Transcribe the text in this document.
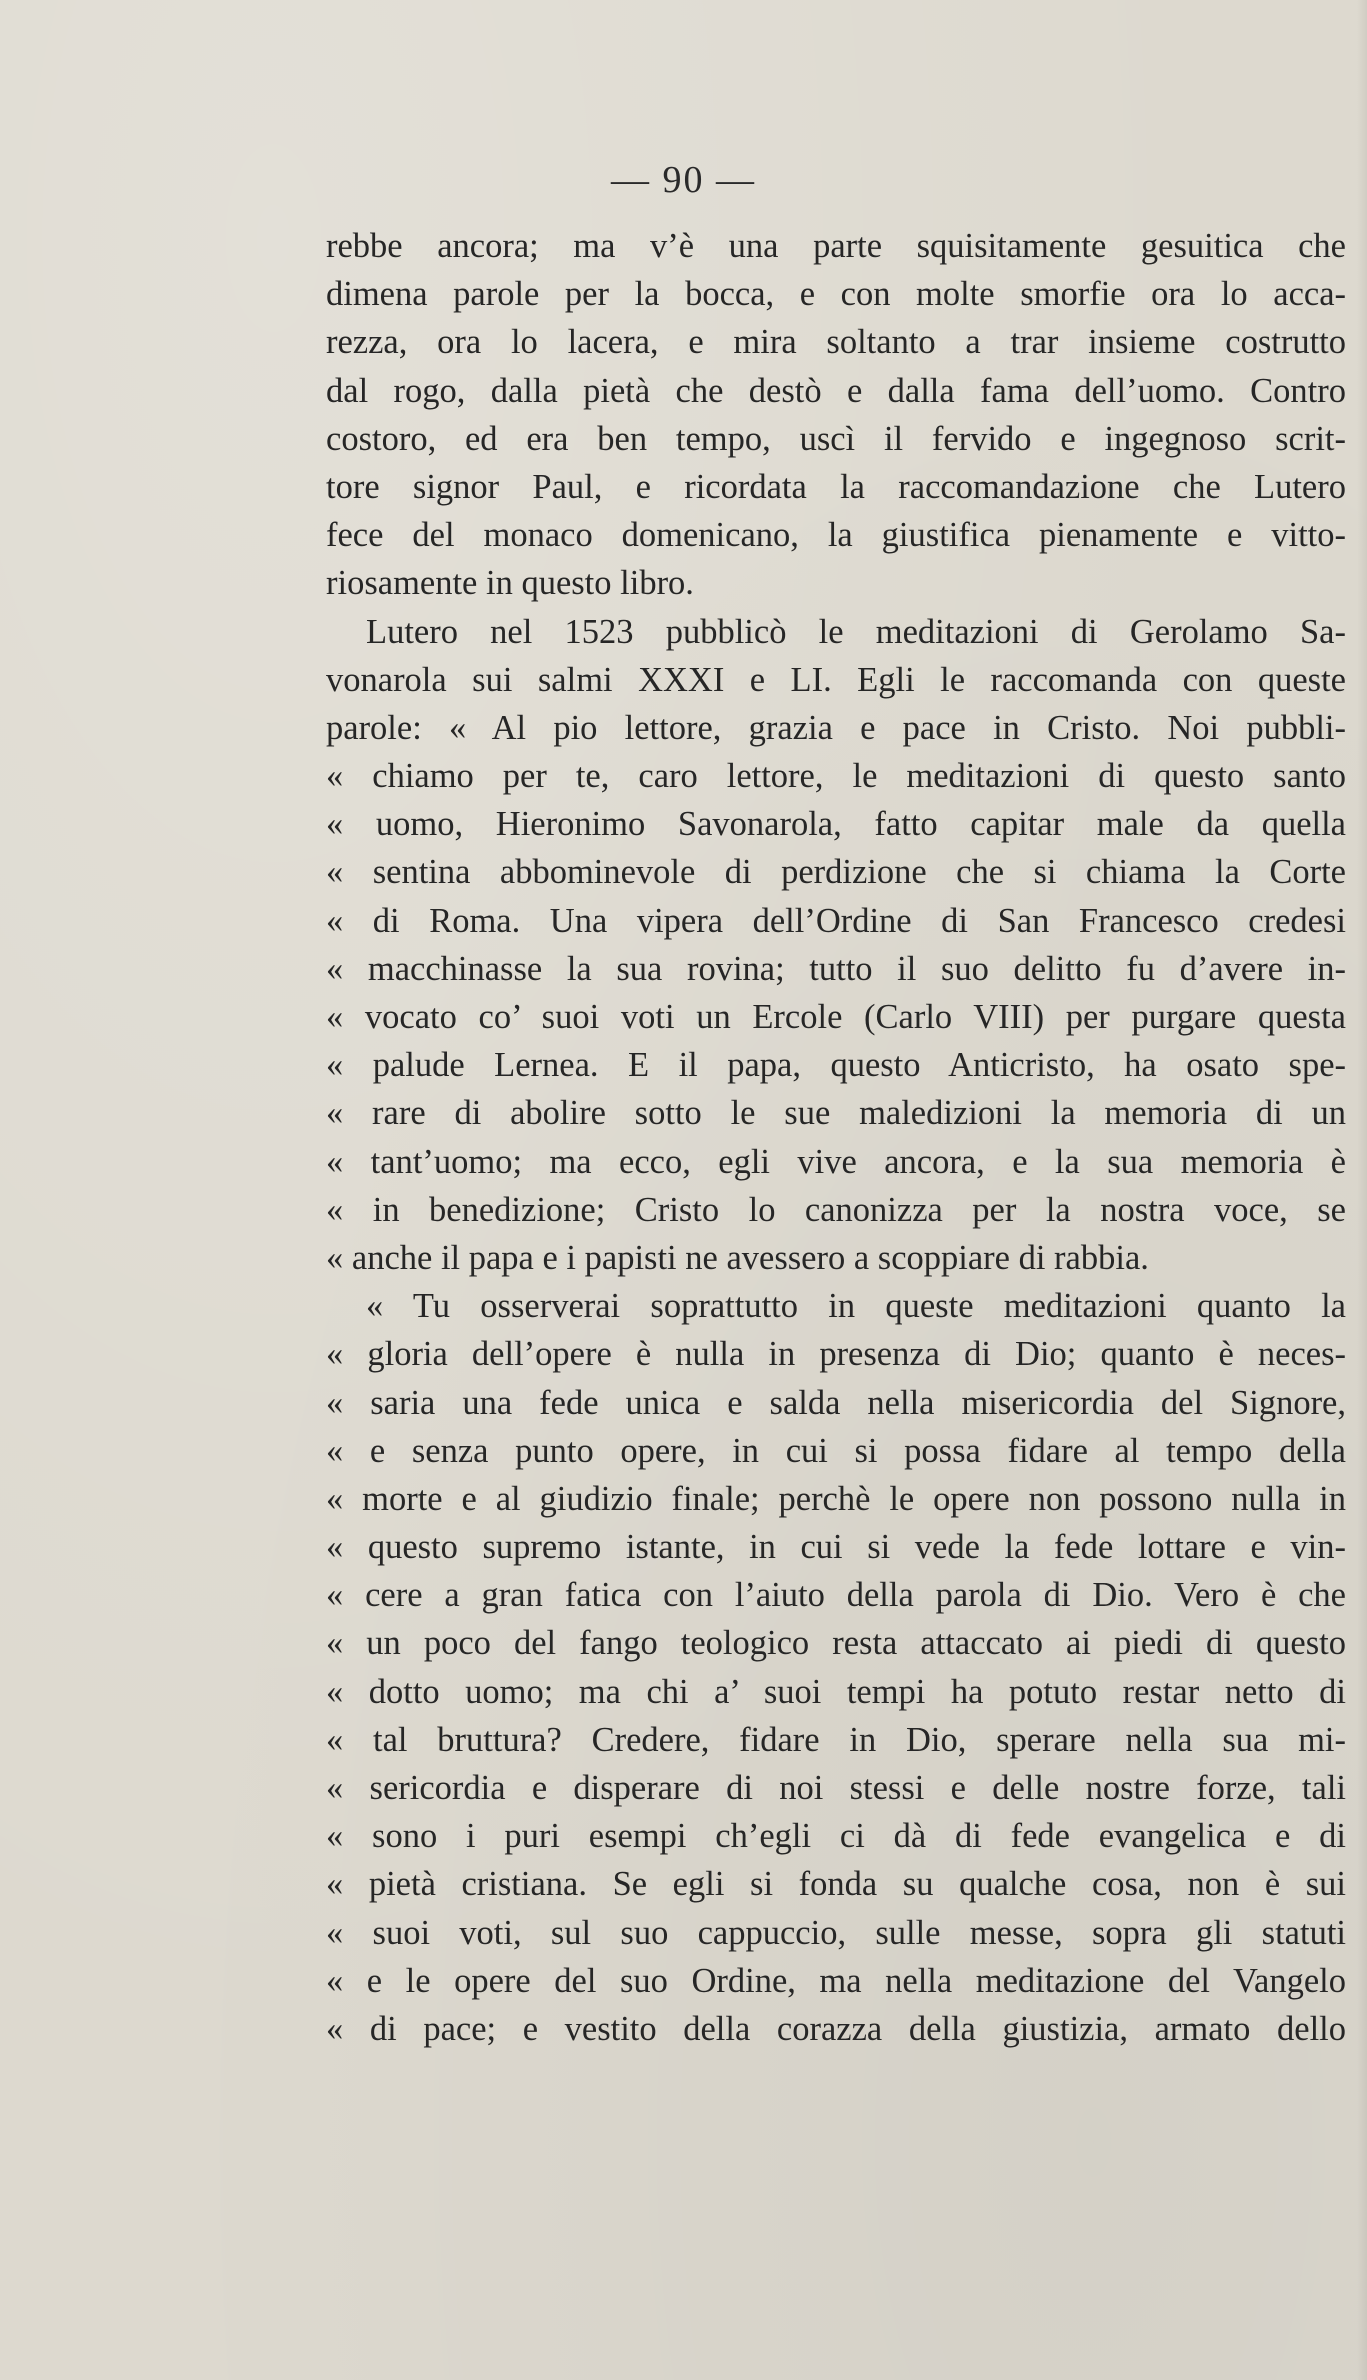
— 90 —
rebbe ancora; ma v’è una parte squisitamente gesuitica che
dimena parole per la bocca, e con molte smorfie ora lo acca-
rezza, ora lo lacera, e mira soltanto a trar insieme costrutto
dal rogo, dalla pietà che destò e dalla fama dell’uomo. Contro
costoro, ed era ben tempo, uscì il fervido e ingegnoso scrit-
tore signor Paul, e ricordata la raccomandazione che Lutero
fece del monaco domenicano, la giustifica pienamente e vitto-
riosamente in questo libro.
Lutero nel 1523 pubblicò le meditazioni di Gerolamo Sa-
vonarola sui salmi XXXI e LI. Egli le raccomanda con queste
parole: « Al pio lettore, grazia e pace in Cristo. Noi pubbli-
« chiamo per te, caro lettore, le meditazioni di questo santo
« uomo, Hieronimo Savonarola, fatto capitar male da quella
« sentina abbominevole di perdizione che si chiama la Corte
« di Roma. Una vipera dell’Ordine di San Francesco credesi
« macchinasse la sua rovina; tutto il suo delitto fu d’avere in-
« vocato co’ suoi voti un Ercole (Carlo VIII) per purgare questa
« palude Lernea. E il papa, questo Anticristo, ha osato spe-
« rare di abolire sotto le sue maledizioni la memoria di un
« tant’uomo; ma ecco, egli vive ancora, e la sua memoria è
« in benedizione; Cristo lo canonizza per la nostra voce, se
« anche il papa e i papisti ne avessero a scoppiare di rabbia.
« Tu osserverai soprattutto in queste meditazioni quanto la
« gloria dell’opere è nulla in presenza di Dio; quanto è neces-
« saria una fede unica e salda nella misericordia del Signore,
« e senza punto opere, in cui si possa fidare al tempo della
« morte e al giudizio finale; perchè le opere non possono nulla in
« questo supremo istante, in cui si vede la fede lottare e vin-
« cere a gran fatica con l’aiuto della parola di Dio. Vero è che
« un poco del fango teologico resta attaccato ai piedi di questo
« dotto uomo; ma chi a’ suoi tempi ha potuto restar netto di
« tal bruttura? Credere, fidare in Dio, sperare nella sua mi-
« sericordia e disperare di noi stessi e delle nostre forze, tali
« sono i puri esempi ch’egli ci dà di fede evangelica e di
« pietà cristiana. Se egli si fonda su qualche cosa, non è sui
« suoi voti, sul suo cappuccio, sulle messe, sopra gli statuti
« e le opere del suo Ordine, ma nella meditazione del Vangelo
« di pace; e vestito della corazza della giustizia, armato dello
